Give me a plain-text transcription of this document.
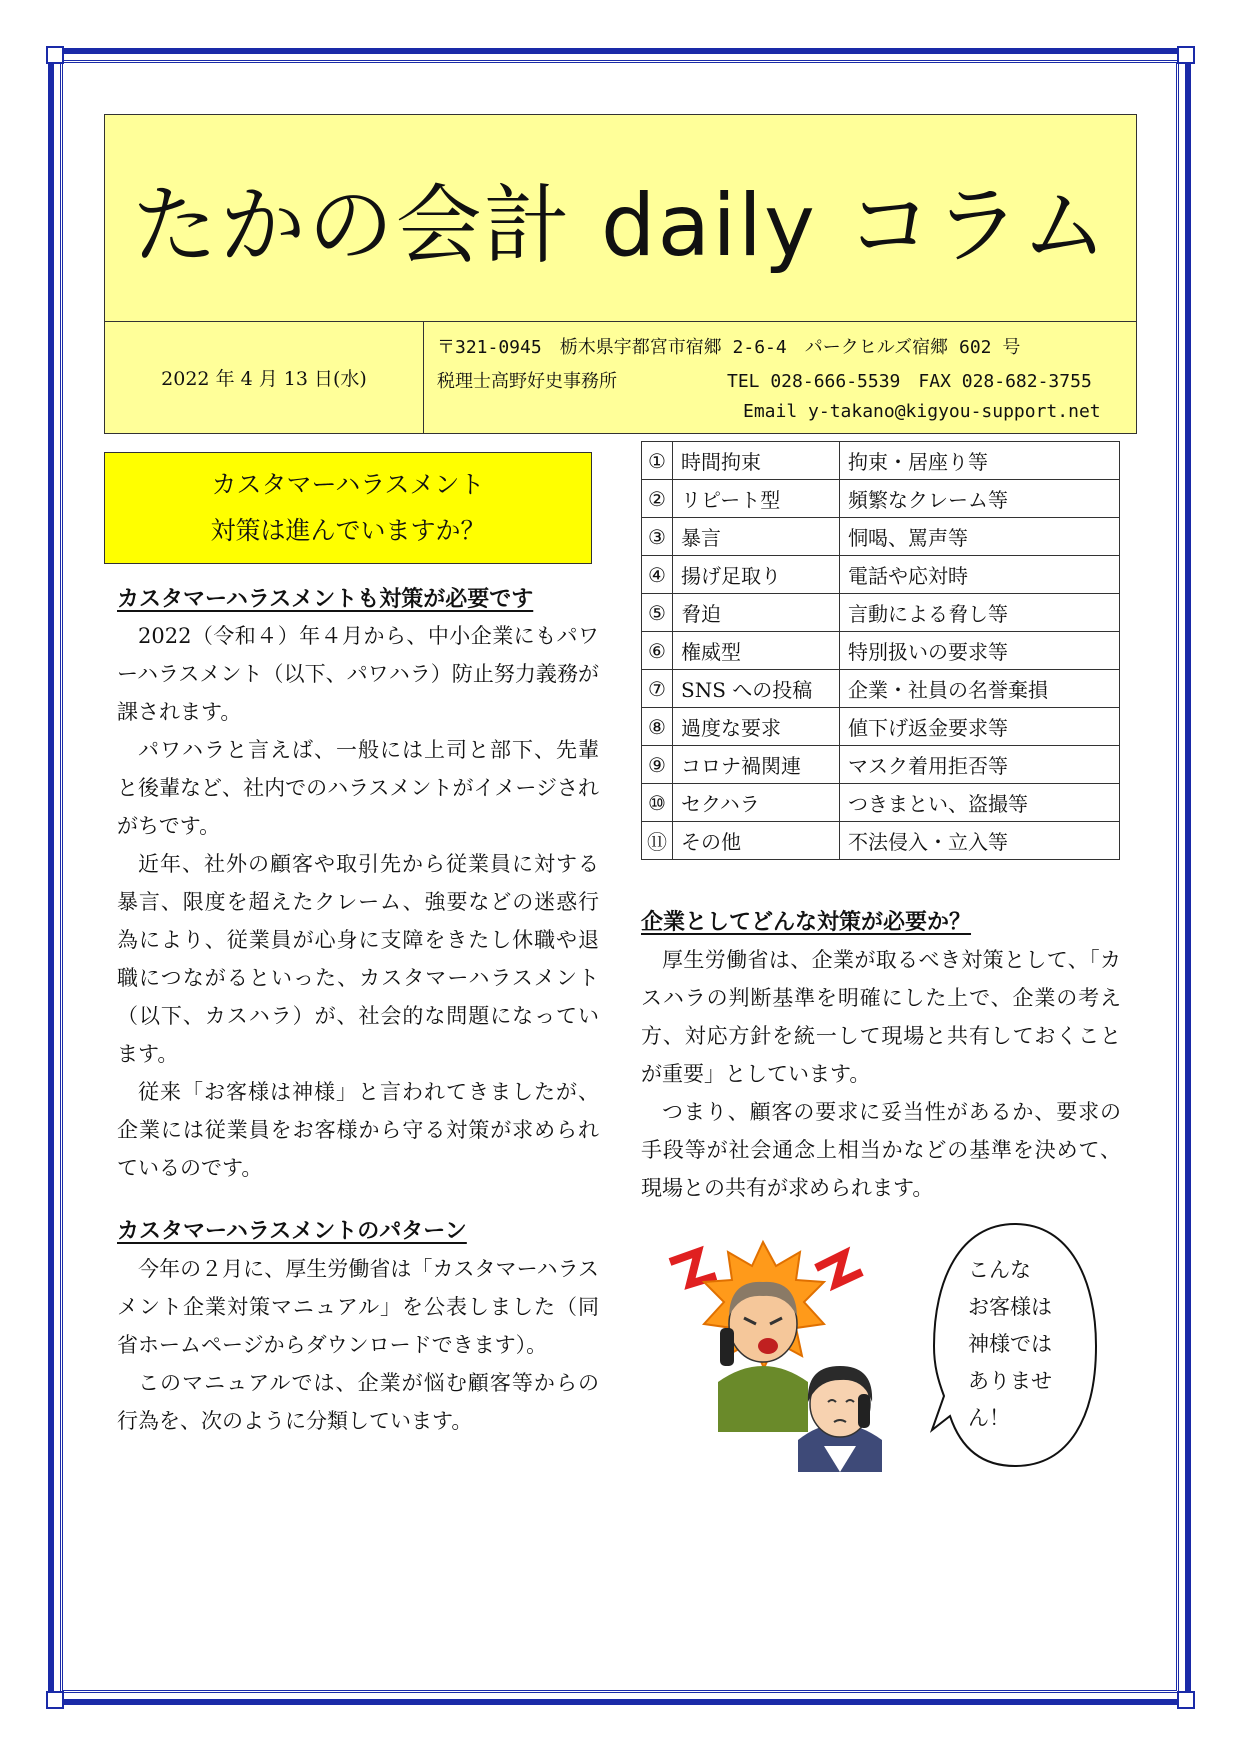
たかの会計 daily コラム
2022 年 4 月 13 日(水)
〒321-0945　栃木県宇都宮市宿郷 2-6-4　パークヒルズ宿郷 602 号
税理士高野好史事務所	TEL 028-666-5539　FAX 028-682-3755
Email y-takano@kigyou-support.net
カスタマーハラスメント
対策は進んでいますか？
カスタマーハラスメントも対策が必要です

2022（令和４）年４月から、中小企業にもパワーハラスメント（以下、パワハラ）防止努力義務が課されます。

パワハラと言えば、一般には上司と部下、先輩と後輩など、社内でのハラスメントがイメージされがちです。

近年、社外の顧客や取引先から従業員に対する暴言、限度を超えたクレーム、強要などの迷惑行為により、従業員が心身に支障をきたし休職や退職につながるといった、カスタマーハラスメント（以下、カスハラ）が、社会的な問題になっています。

従来「お客様は神様」と言われてきましたが、企業には従業員をお客様から守る対策が求められているのです。

カスタマーハラスメントのパターン

今年の２月に、厚生労働省は「カスタマーハラスメント企業対策マニュアル」を公表しました（同省ホームページからダウンロードできます）。

このマニュアルでは、企業が悩む顧客等からの行為を、次のように分類しています。

①	時間拘束	拘束・居座り等
②	リピート型	頻繁なクレーム等
③	暴言	恫喝、罵声等
④	揚げ足取り	電話や応対時
⑤	脅迫	言動による脅し等
⑥	権威型	特別扱いの要求等
⑦	SNS への投稿	企業・社員の名誉棄損
⑧	過度な要求	値下げ返金要求等
⑨	コロナ禍関連	マスク着用拒否等
⑩	セクハラ	つきまとい、盗撮等
⑪	その他	不法侵入・立入等
企業としてどんな対策が必要か？

厚生労働省は、企業が取るべき対策として、「カスハラの判断基準を明確にした上で、企業の考え方、対応方針を統一して現場と共有しておくことが重要」としています。

つまり、顧客の要求に妥当性があるか、要求の手段等が社会通念上相当かなどの基準を決めて、現場との共有が求められます。

こんな
お客様は
神様では
ありませ
ん！
